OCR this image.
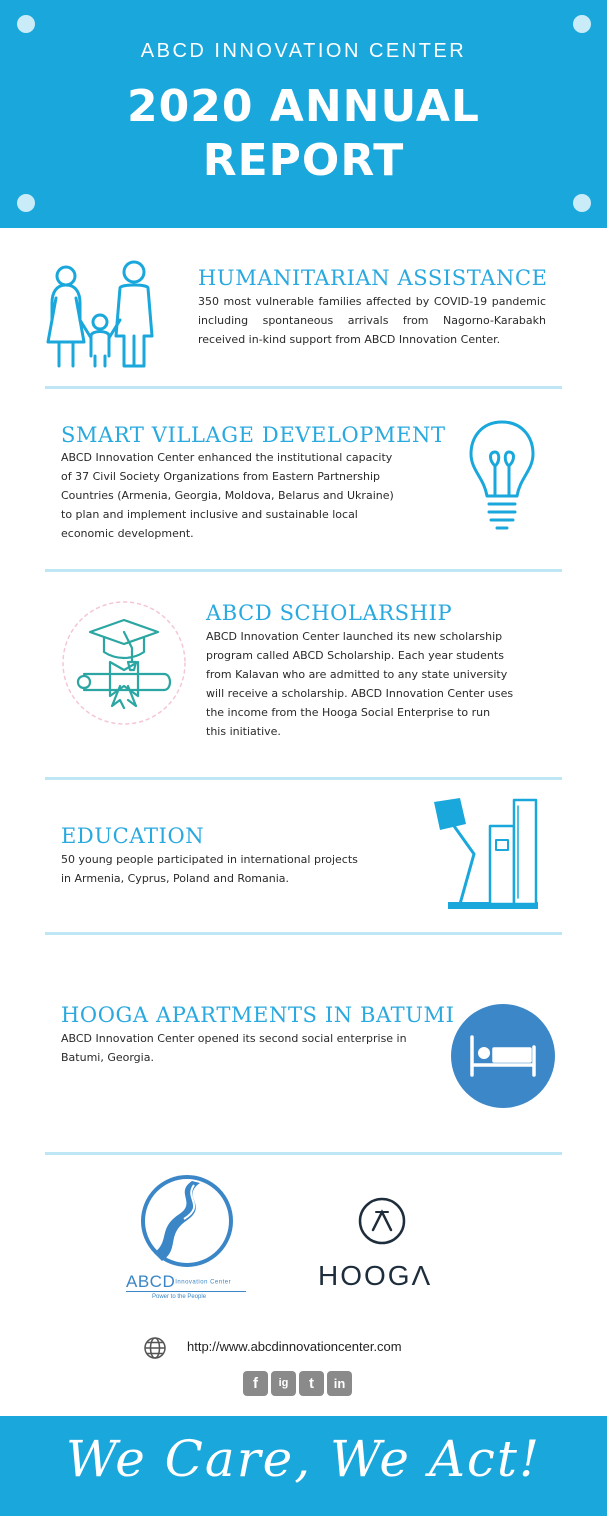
ABCD INNOVATION CENTER
2020 ANNUAL
REPORT
HUMANITARIAN ASSISTANCE
350 most vulnerable families affected by COVID-19 pandemic including spontaneous arrivals from Nagorno-Karabakh received in-kind support from ABCD Innovation Center.
SMART VILLAGE DEVELOPMENT
ABCD Innovation Center enhanced the institutional capacity
of 37 Civil Society Organizations from Eastern Partnership
Countries (Armenia, Georgia, Moldova, Belarus and Ukraine)
to plan and implement inclusive and sustainable local
economic development.
ABCD SCHOLARSHIP
ABCD Innovation Center launched its new scholarship
program called ABCD Scholarship. Each year students
from Kalavan who are admitted to any state university
will receive a scholarship. ABCD Innovation Center uses
the income from the Hooga Social Enterprise to run
this initiative.
EDUCATION
50 young people participated in international projects
in Armenia, Cyprus, Poland and Romania.
HOOGA APARTMENTS IN BATUMI
ABCD Innovation Center opened its second social enterprise in
Batumi, Georgia.
ABCDInnovation Center
Power to the People
HOOGΛ
http://www.abcdinnovationcenter.com
f	ig	t	in
We Care, We Act!
